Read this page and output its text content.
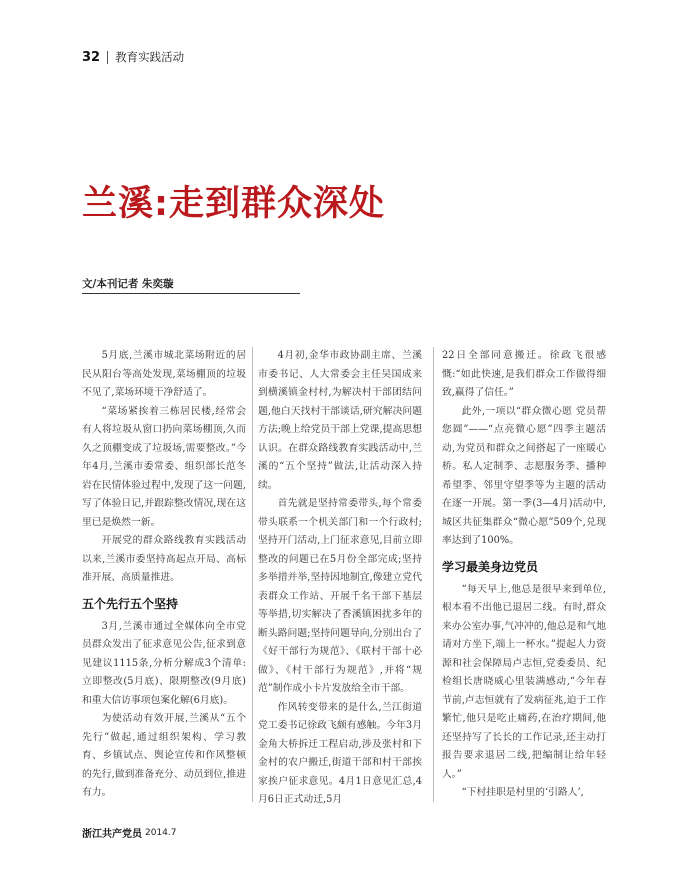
32 教育实践活动
兰溪:走到群众深处
文/本刊记者 朱奕璇

5月底,兰溪市城北菜场附近的居民从阳台等高处发现,菜场棚顶的垃圾不见了,菜场环境干净舒适了。

“菜场紧挨着三栋居民楼,经常会有人将垃圾从窗口扔向菜场棚顶,久而久之顶棚变成了垃圾场,需要整改。”今年4月,兰溪市委常委、组织部长范冬岩在民情体验过程中,发现了这一问题,写了体验日记,并跟踪整改情况,现在这里已是焕然一新。

开展党的群众路线教育实践活动以来,兰溪市委坚持高起点开局、高标准开展、高质量推进。

五个先行五个坚持

3月,兰溪市通过全媒体向全市党员群众发出了征求意见公告,征求到意见建议1115条,分析分解成3个清单:立即整改(5月底)、限期整改(9月底)和重大信访事项包案化解(6月底)。

为使活动有效开展,兰溪从“五个先行”做起,通过组织架构、学习教育、乡镇试点、舆论宣传和作风整顿的先行,做到准备充分、动员到位,推进有力。

4月初,金华市政协副主席、兰溪市委书记、人大常委会主任吴国成来到横溪镇金村村,为解决村干部团结问题,他白天找村干部谈话,研究解决问题方法;晚上给党员干部上党课,提高思想认识。在群众路线教育实践活动中,兰溪的“五个坚持”做法,让活动深入持续。

首先就是坚持常委带头,每个常委带头联系一个机关部门和一个行政村;坚持开门活动,上门征求意见,目前立即整改的问题已在5月份全部完成;坚持多举措并举,坚持因地制宜,像建立党代表群众工作站、开展千名干部下基层等举措,切实解决了香溪镇困扰多年的断头路问题;坚持问题导向,分别出台了《好干部行为规范》、《联村干部十必做》、《村干部行为规范》,并将“规范”制作成小卡片发放给全市干部。

作风转变带来的是什么,兰江街道党工委书记徐政飞颇有感触。今年3月金角大桥拆迁工程启动,涉及张村和下金村的农户搬迁,街道干部和村干部挨家挨户征求意见。4月1日意见汇总,4月6日正式动迁,5月

22日全部同意搬迁。徐政飞很感慨:“如此快速,是我们群众工作做得细致,赢得了信任。”

此外,一项以“群众微心愿 党员帮您圆”——“点亮微心愿”四季主题活动,为党员和群众之间搭起了一座暖心桥。私人定制季、志愿服务季、播种希望季、邻里守望季等为主题的活动在逐一开展。第一季(3—4月)活动中,城区共征集群众“微心愿”509个,兑现率达到了100%。

学习最美身边党员

“每天早上,他总是很早来到单位,根本看不出他已退居二线。有时,群众来办公室办事,气冲冲的,他总是和气地请对方坐下,端上一杯水。”提起人力资源和社会保障局卢志恒,党委委员、纪检组长唐晓威心里装满感动,“今年春节前,卢志恒就有了发病征兆,迫于工作繁忙,他只是吃止痛药,在治疗期间,他还坚持写了长长的工作记录,还主动打报告要求退居二线,把编制让给年轻人。”

“下村挂职是村里的‘引路人’,

浙江共产党员 2014.7
